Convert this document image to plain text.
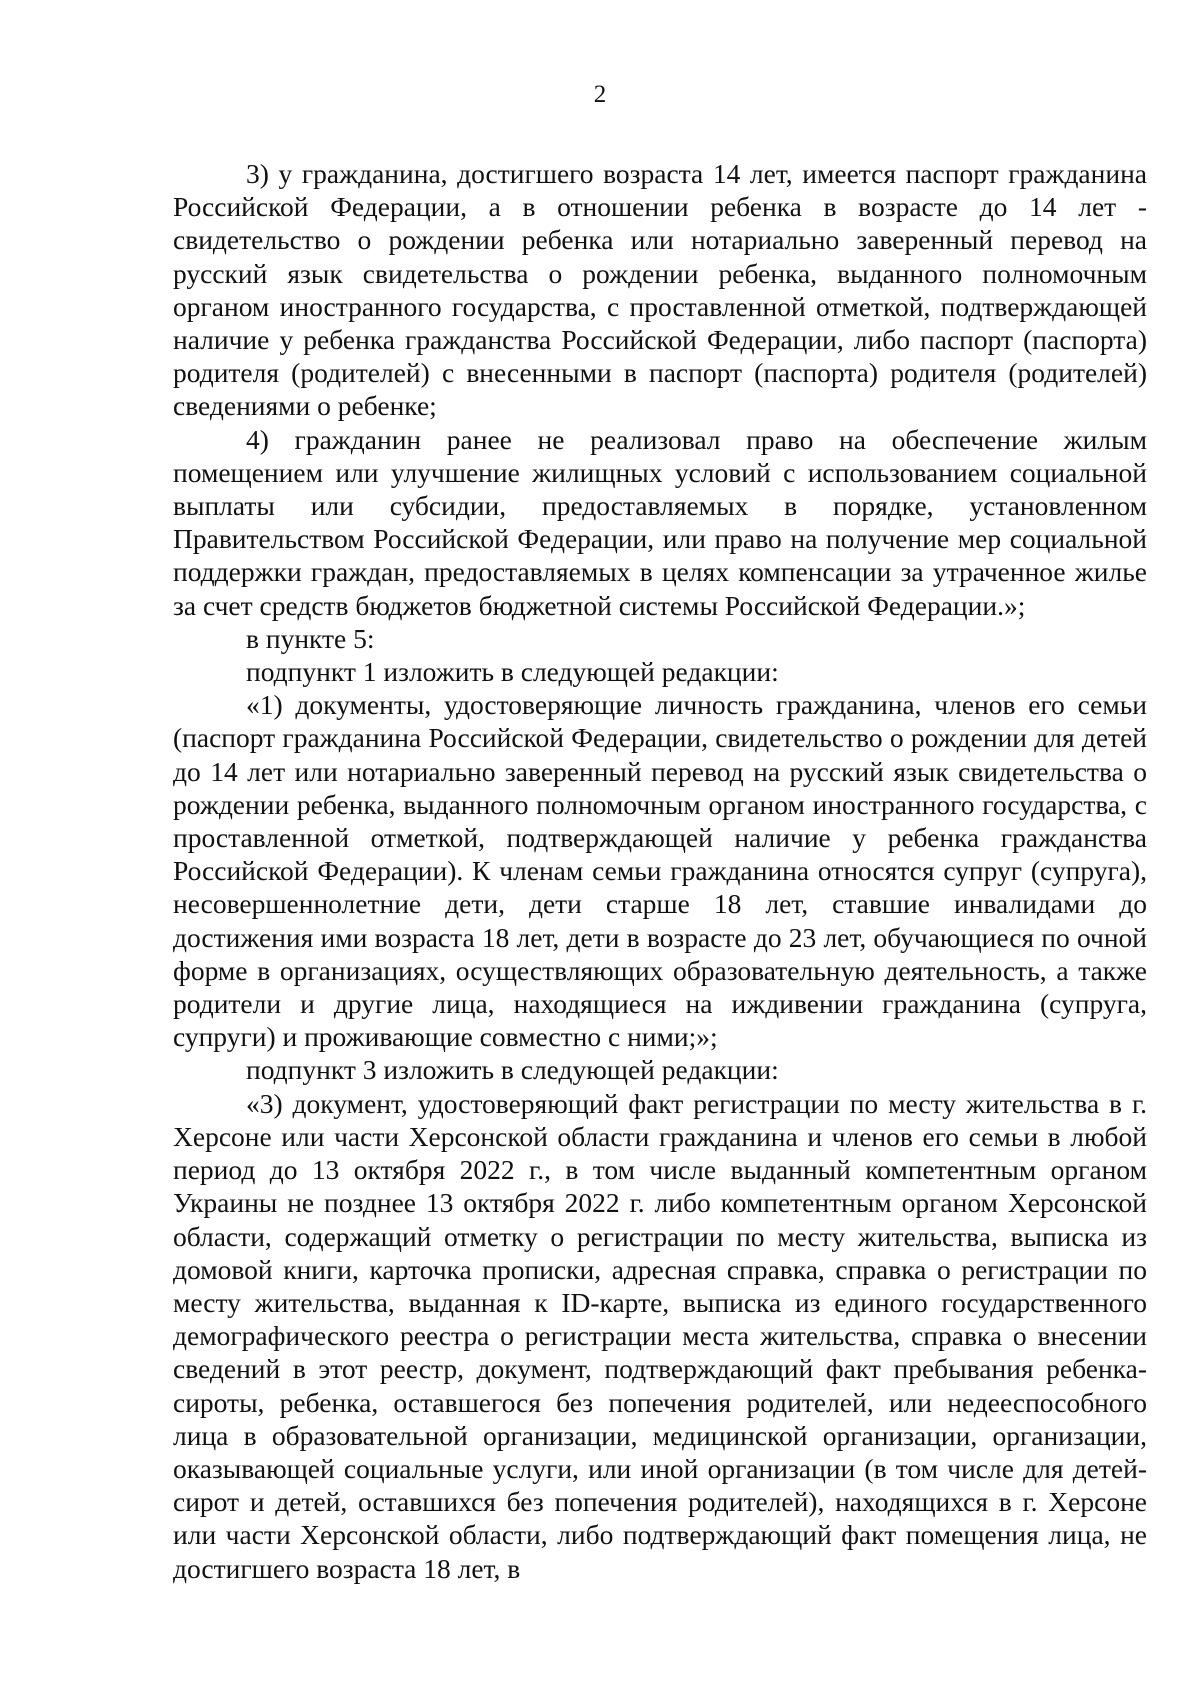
2

3) у гражданина, достигшего возраста 14 лет, имеется паспорт гражданина Российской Федерации, а в отношении ребенка в возрасте до 14 лет - свидетельство о рождении ребенка или нотариально заверенный перевод на русский язык свидетельства о рождении ребенка, выданного полномочным органом иностранного государства, с проставленной отметкой, подтверждающей наличие у ребенка гражданства Российской Федерации, либо паспорт (паспорта) родителя (родителей) с внесенными в паспорт (паспорта) родителя (родителей) сведениями о ребенке;

4) гражданин ранее не реализовал право на обеспечение жилым помещением или улучшение жилищных условий с использованием социальной выплаты или субсидии, предоставляемых в порядке, установленном Правительством Российской Федерации, или право на получение мер социальной поддержки граждан, предоставляемых в целях компенсации за утраченное жилье за счет средств бюджетов бюджетной системы Российской Федерации.»;

в пункте 5:

подпункт 1 изложить в следующей редакции:

«1) документы, удостоверяющие личность гражданина, членов его семьи (паспорт гражданина Российской Федерации, свидетельство о рождении для детей до 14 лет или нотариально заверенный перевод на русский язык свидетельства о рождении ребенка, выданного полномочным органом иностранного государства, с проставленной отметкой, подтверждающей наличие у ребенка гражданства Российской Федерации). К членам семьи гражданина относятся супруг (супруга), несовершеннолетние дети, дети старше 18 лет, ставшие инвалидами до достижения ими возраста 18 лет, дети в возрасте до 23 лет, обучающиеся по очной форме в организациях, осуществляющих образовательную деятельность, а также родители и другие лица, находящиеся на иждивении гражданина (супруга, супруги) и проживающие совместно с ними;»;

подпункт 3 изложить в следующей редакции:

«3) документ, удостоверяющий факт регистрации по месту жительства в г. Херсоне или части Херсонской области гражданина и членов его семьи в любой период до 13 октября 2022 г., в том числе выданный компетентным органом Украины не позднее 13 октября 2022 г. либо компетентным органом Херсонской области, содержащий отметку о регистрации по месту жительства, выписка из домовой книги, карточка прописки, адресная справка, справка о регистрации по месту жительства, выданная к ID-карте, выписка из единого государственного демографического реестра о регистрации места жительства, справка о внесении сведений в этот реестр, документ, подтверждающий факт пребывания ребенка-сироты, ребенка, оставшегося без попечения родителей, или недееспособного лица в образовательной организации, медицинской организации, организации, оказывающей социальные услуги, или иной организации (в том числе для детей-сирот и детей, оставшихся без попечения родителей), находящихся в г. Херсоне или части Херсонской области, либо подтверждающий факт помещения лица, не достигшего возраста 18 лет, в
